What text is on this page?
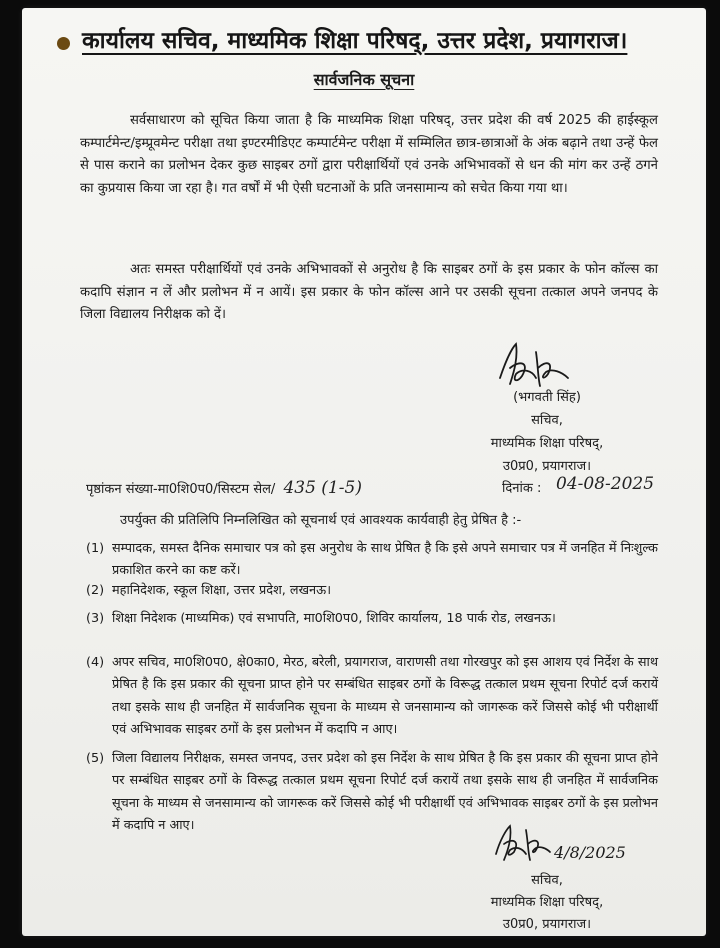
कार्यालय सचिव, माध्यमिक शिक्षा परिषद्, उत्तर प्रदेश, प्रयागराज।
सार्वजनिक सूचना
सर्वसाधारण को सूचित किया जाता है कि माध्यमिक शिक्षा परिषद्, उत्तर प्रदेश की वर्ष 2025 की हाईस्कूल कम्पार्टमेन्ट/इम्प्रूवमेन्ट परीक्षा तथा इण्टरमीडिएट कम्पार्टमेन्ट परीक्षा में सम्मिलित छात्र-छात्राओं के अंक बढ़ाने तथा उन्हें फेल से पास कराने का प्रलोभन देकर कुछ साइबर ठगों द्वारा परीक्षार्थियों एवं उनके अभिभावकों से धन की मांग कर उन्हें ठगने का कुप्रयास किया जा रहा है। गत वर्षों में भी ऐसी घटनाओं के प्रति जनसामान्य को सचेत किया गया था।
अतः समस्त परीक्षार्थियों एवं उनके अभिभावकों से अनुरोध है कि साइबर ठगों के इस प्रकार के फोन कॉल्स का कदापि संज्ञान न लें और प्रलोभन में न आयें। इस प्रकार के फोन कॉल्स आने पर उसकी सूचना तत्काल अपने जनपद के जिला विद्यालय निरीक्षक को दें।
(भगवती सिंह)
सचिव,
माध्यमिक शिक्षा परिषद्,
उ0प्र0, प्रयागराज।
पृष्ठांकन संख्या-मा0शि0प0/सिस्टम सेल/ 435 (1-5)	दिनांक : 04-08-2025
उपर्युक्त की प्रतिलिपि निम्नलिखित को सूचनार्थ एवं आवश्यक कार्यवाही हेतु प्रेषित है :-
(1) सम्पादक, समस्त दैनिक समाचार पत्र को इस अनुरोध के साथ प्रेषित है कि इसे अपने समाचार पत्र में जनहित में निःशुल्क प्रकाशित करने का कष्ट करें।
(2) महानिदेशक, स्कूल शिक्षा, उत्तर प्रदेश, लखनऊ।
(3) शिक्षा निदेशक (माध्यमिक) एवं सभापति, मा0शि0प0, शिविर कार्यालय, 18 पार्क रोड, लखनऊ।
(4) अपर सचिव, मा0शि0प0, क्षे0का0, मेरठ, बरेली, प्रयागराज, वाराणसी तथा गोरखपुर को इस आशय एवं निर्देश के साथ प्रेषित है कि इस प्रकार की सूचना प्राप्त होने पर सम्बंधित साइबर ठगों के विरूद्ध तत्काल प्रथम सूचना रिपोर्ट दर्ज करायें तथा इसके साथ ही जनहित में सार्वजनिक सूचना के माध्यम से जनसामान्य को जागरूक करें जिससे कोई भी परीक्षार्थी एवं अभिभावक साइबर ठगों के इस प्रलोभन में कदापि न आए।
(5) जिला विद्यालय निरीक्षक, समस्त जनपद, उत्तर प्रदेश को इस निर्देश के साथ प्रेषित है कि इस प्रकार की सूचना प्राप्त होने पर सम्बंधित साइबर ठगों के विरूद्ध तत्काल प्रथम सूचना रिपोर्ट दर्ज करायें तथा इसके साथ ही जनहित में सार्वजनिक सूचना के माध्यम से जनसामान्य को जागरूक करें जिससे कोई भी परीक्षार्थी एवं अभिभावक साइबर ठगों के इस प्रलोभन में कदापि न आए।
4/8/2025
सचिव,
माध्यमिक शिक्षा परिषद्,
उ0प्र0, प्रयागराज।
